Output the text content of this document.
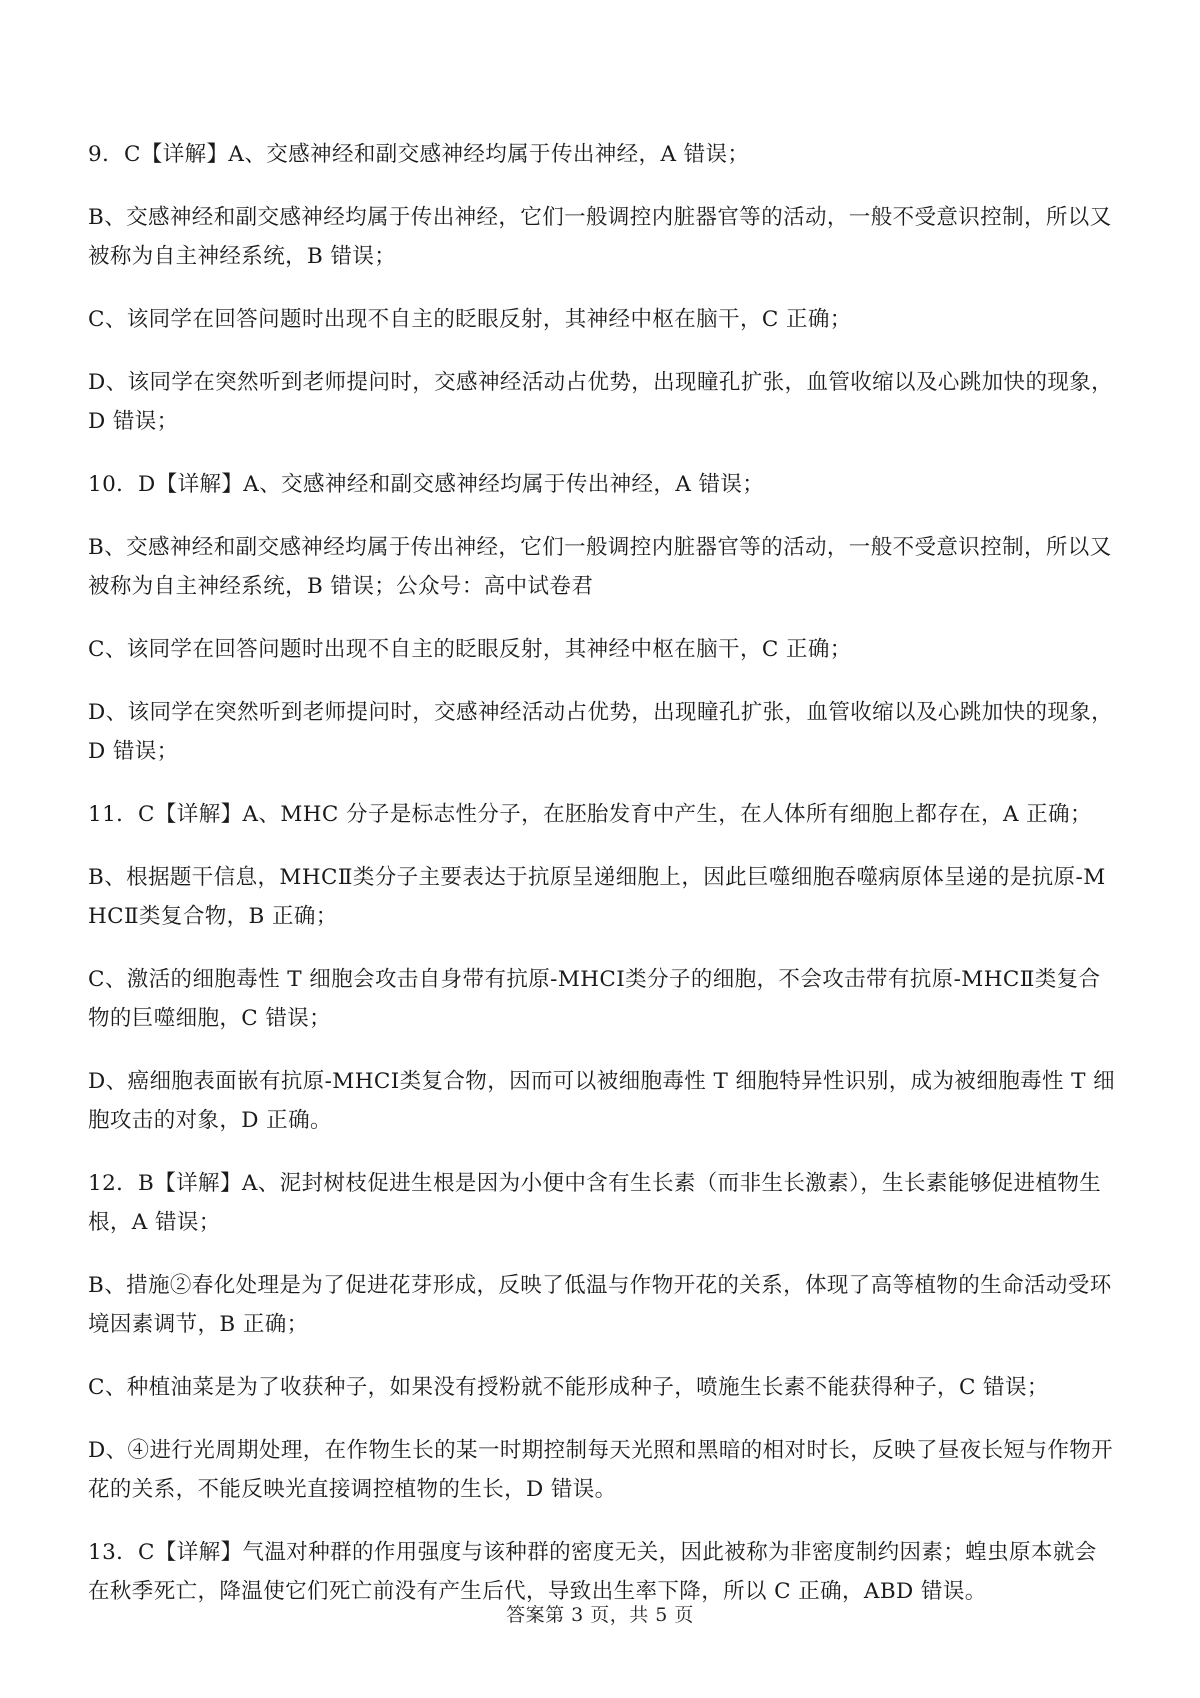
9．C【详解】A、交感神经和副交感神经均属于传出神经，A 错误；

B、交感神经和副交感神经均属于传出神经，它们一般调控内脏器官等的活动，一般不受意识控制，所以又被称为自主神经系统，B 错误；

C、该同学在回答问题时出现不自主的眨眼反射，其神经中枢在脑干，C 正确；

D、该同学在突然听到老师提问时，交感神经活动占优势，出现瞳孔扩张，血管收缩以及心跳加快的现象，D 错误；

10．D【详解】A、交感神经和副交感神经均属于传出神经，A 错误；

B、交感神经和副交感神经均属于传出神经，它们一般调控内脏器官等的活动，一般不受意识控制，所以又被称为自主神经系统，B 错误；公众号：高中试卷君

C、该同学在回答问题时出现不自主的眨眼反射，其神经中枢在脑干，C 正确；

D、该同学在突然听到老师提问时，交感神经活动占优势，出现瞳孔扩张，血管收缩以及心跳加快的现象，D 错误；

11．C【详解】A、MHC 分子是标志性分子，在胚胎发育中产生，在人体所有细胞上都存在，A 正确；

B、根据题干信息，MHCⅡ类分子主要表达于抗原呈递细胞上，因此巨噬细胞吞噬病原体呈递的是抗原-MHCⅡ类复合物，B 正确；

C、激活的细胞毒性 T 细胞会攻击自身带有抗原-MHCⅠ类分子的细胞，不会攻击带有抗原-MHCⅡ类复合物的巨噬细胞，C 错误；

D、癌细胞表面嵌有抗原-MHCⅠ类复合物，因而可以被细胞毒性 T 细胞特异性识别，成为被细胞毒性 T 细胞攻击的对象，D 正确。

12．B【详解】A、泥封树枝促进生根是因为小便中含有生长素（而非生长激素），生长素能够促进植物生根，A 错误；

B、措施②春化处理是为了促进花芽形成，反映了低温与作物开花的关系，体现了高等植物的生命活动受环境因素调节，B 正确；

C、种植油菜是为了收获种子，如果没有授粉就不能形成种子，喷施生长素不能获得种子，C 错误；

D、④进行光周期处理，在作物生长的某一时期控制每天光照和黑暗的相对时长，反映了昼夜长短与作物开花的关系，不能反映光直接调控植物的生长，D 错误。

13．C【详解】气温对种群的作用强度与该种群的密度无关，因此被称为非密度制约因素；蝗虫原本就会在秋季死亡，降温使它们死亡前没有产生后代，导致出生率下降，所以 C 正确，ABD 错误。

答案第 3 页，共 5 页
